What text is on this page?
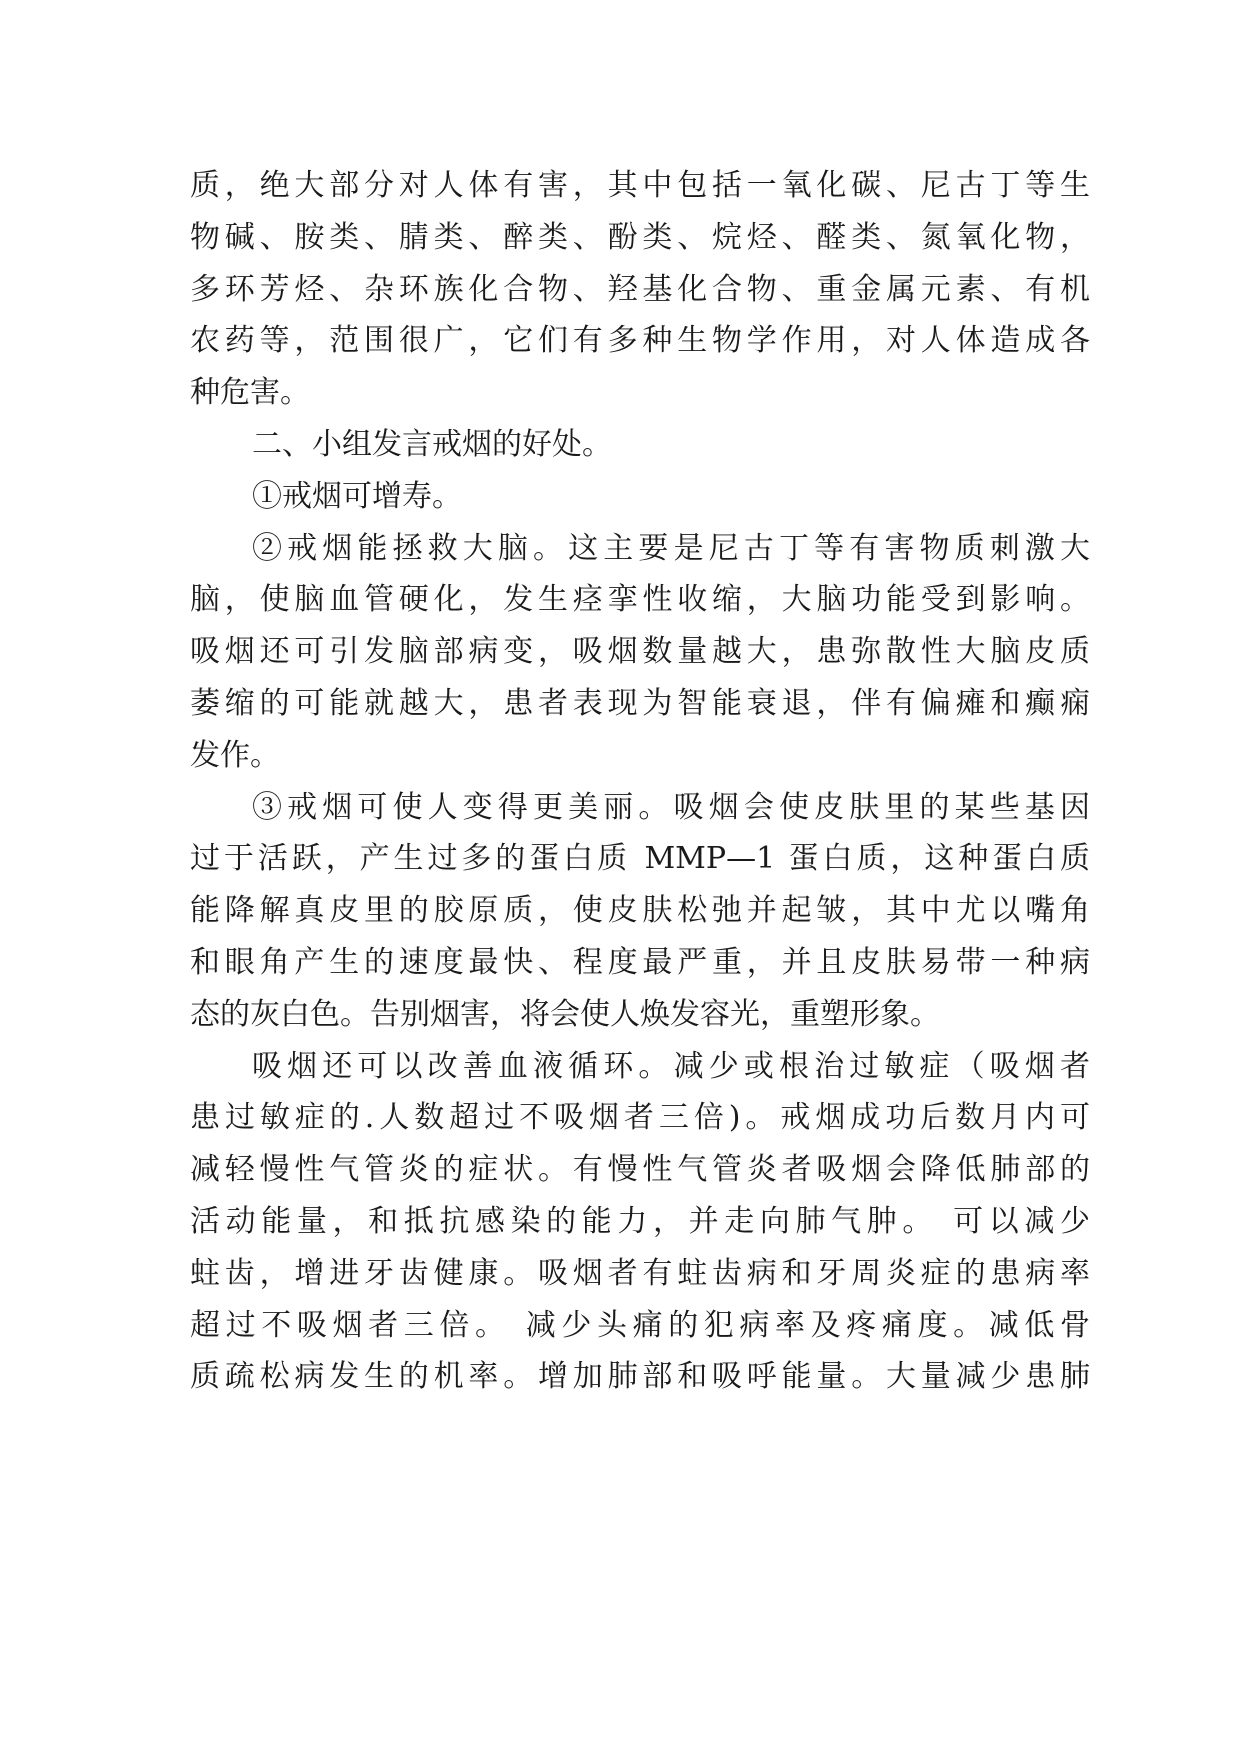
质，绝大部分对人体有害，其中包括一氧化碳、尼古丁等生
物碱、胺类、腈类、醉类、酚类、烷烃、醛类、氮氧化物，
多环芳烃、杂环族化合物、羟基化合物、重金属元素、有机
农药等，范围很广，它们有多种生物学作用，对人体造成各
种危害。
二、小组发言戒烟的好处。
①戒烟可增寿。
②戒烟能拯救大脑。这主要是尼古丁等有害物质刺激大
脑，使脑血管硬化，发生痉挛性收缩，大脑功能受到影响。
吸烟还可引发脑部病变，吸烟数量越大，患弥散性大脑皮质
萎缩的可能就越大，患者表现为智能衰退，伴有偏瘫和癫痫
发作。
③戒烟可使人变得更美丽。吸烟会使皮肤里的某些基因
过于活跃，产生过多的蛋白质 MMP—1 蛋白质，这种蛋白质
能降解真皮里的胶原质，使皮肤松弛并起皱，其中尤以嘴角
和眼角产生的速度最快、程度最严重，并且皮肤易带一种病
态的灰白色。告别烟害，将会使人焕发容光，重塑形象。
吸烟还可以改善血液循环。减少或根治过敏症（吸烟者
患过敏症的.人数超过不吸烟者三倍)。戒烟成功后数月内可
减轻慢性气管炎的症状。有慢性气管炎者吸烟会降低肺部的
活动能量，和抵抗感染的能力，并走向肺气肿。 可以减少
蛀齿，增进牙齿健康。吸烟者有蛀齿病和牙周炎症的患病率
超过不吸烟者三倍。 减少头痛的犯病率及疼痛度。减低骨
质疏松病发生的机率。增加肺部和吸呼能量。大量减少患肺
